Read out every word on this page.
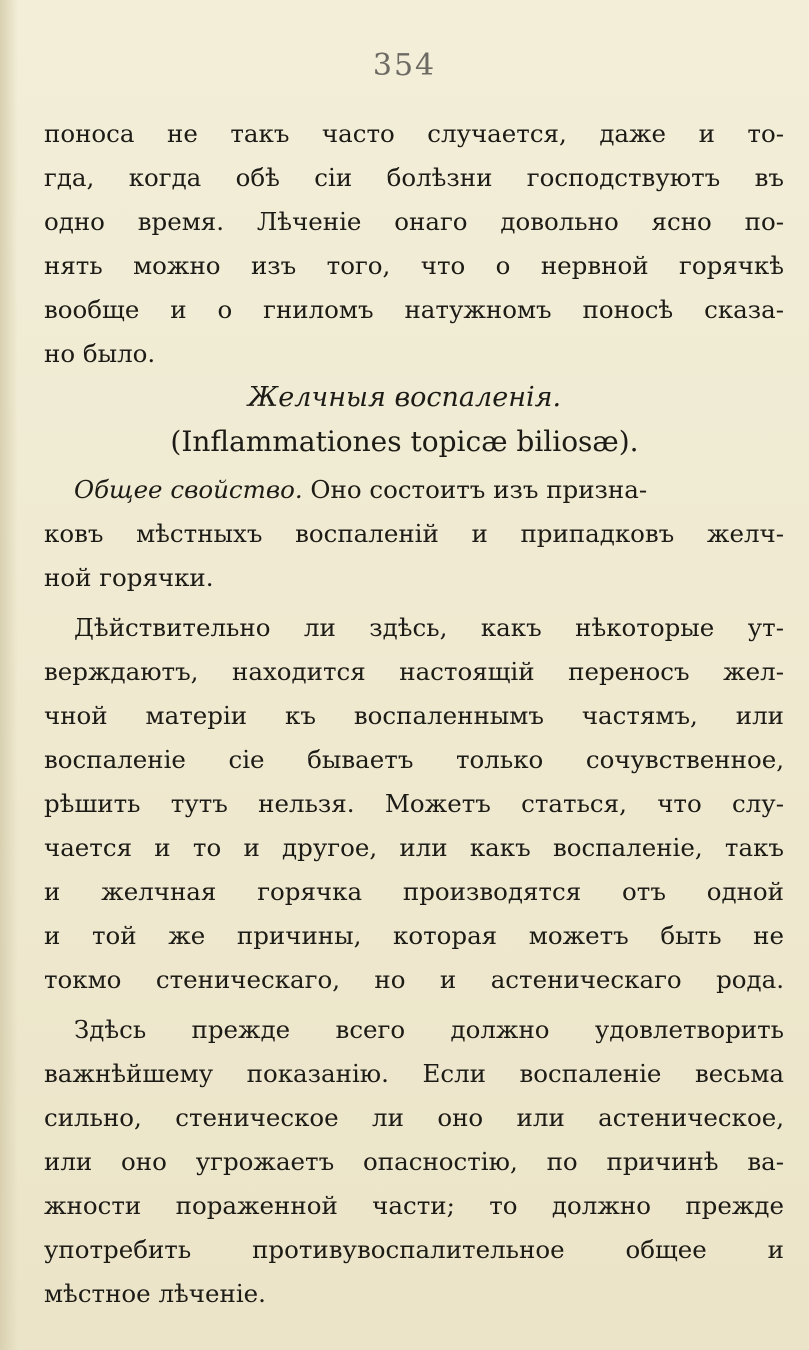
354
поноса не такъ часто случается, даже и то-
гда, когда обѣ сіи болѣзни господствуютъ въ
одно время. Лѣченіе онаго довольно ясно по-
нять можно изъ того, что о нервной горячкѣ
вообще и о гниломъ натужномъ поносѣ сказа-
но было.
Желчныя воспаленія.
(Inflammationes topicæ biliosæ).
Общее свойство. Оно состоитъ изъ призна-
ковъ мѣстныхъ воспаленій и припадковъ желч-
ной горячки.
Дѣйствительно ли здѣсь, какъ нѣкоторые ут-
верждаютъ, находится настоящій переносъ жел-
чной матеріи къ воспаленнымъ частямъ, или
воспаленіе сіе бываетъ только сочувственное,
рѣшить тутъ нельзя. Можетъ статься, что слу-
чается и то и другое, или какъ воспаленіе, такъ
и желчная горячка производятся отъ одной
и той же причины, которая можетъ быть не
токмо стеническаго, но и астеническаго рода.
Здѣсь прежде всего должно удовлетворить
важнѣйшему показанію. Если воспаленіе весьма
сильно, стеническое ли оно или астеническое,
или оно угрожаетъ опасностію, по причинѣ ва-
жности пораженной части; то должно прежде
употребить противувоспалительное общее и
мѣстное лѣченіе.
